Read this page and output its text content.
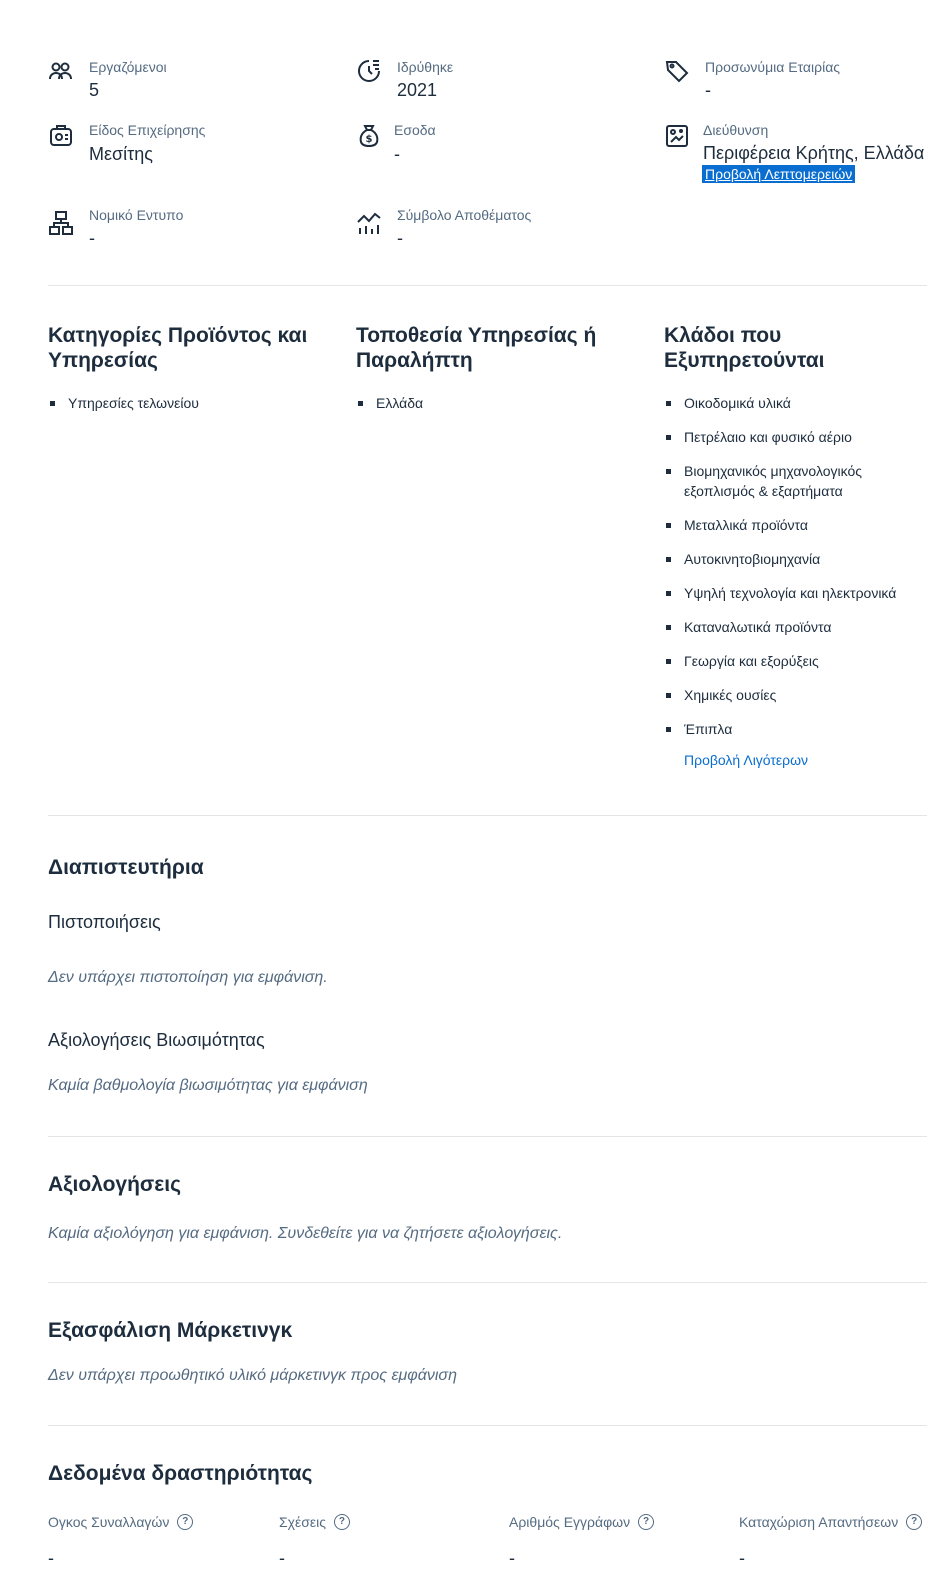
Εργαζόμενοι
5
Ιδρύθηκε
2021
Προσωνύμια Εταιρίας
-
Είδος Επιχείρησης
Μεσίτης
$
Εσοδα
-
Διεύθυνση
Περιφέρεια Κρήτης, Ελλάδα
Προβολή Λεπτομερειών
Νομικό Εντυπο
-
Σύμβολο Αποθέματος
-
Κατηγορίες Προϊόντος και Υπηρεσίας
Υπηρεσίες τελωνείου
Τοποθεσία Υπηρεσίας ή Παραλήπτη
Ελλάδα
Κλάδοι που Εξυπηρετούνται
Οικοδομικά υλικά
Πετρέλαιο και φυσικό αέριο
Βιομηχανικός μηχανολογικός εξοπλισμός & εξαρτήματα
Μεταλλικά προϊόντα
Αυτοκινητοβιομηχανία
Υψηλή τεχνολογία και ηλεκτρονικά
Καταναλωτικά προϊόντα
Γεωργία και εξορύξεις
Χημικές ουσίες
Έπιπλα
Προβολή Λιγότερων
Διαπιστευτήρια
Πιστοποιήσεις
Δεν υπάρχει πιστοποίηση για εμφάνιση.
Αξιολογήσεις Βιωσιμότητας
Καμία βαθμολογία βιωσιμότητας για εμφάνιση
Αξιολογήσεις
Καμία αξιολόγηση για εμφάνιση. Συνδεθείτε για να ζητήσετε αξιολογήσεις.
Εξασφάλιση Μάρκετινγκ
Δεν υπάρχει προωθητικό υλικό μάρκετινγκ προς εμφάνιση
Δεδομένα δραστηριότητας
Ογκος Συναλλαγών	?
-
Σχέσεις	?
-
Αριθμός Εγγράφων	?
-
Καταχώριση Απαντήσεων	?
-
